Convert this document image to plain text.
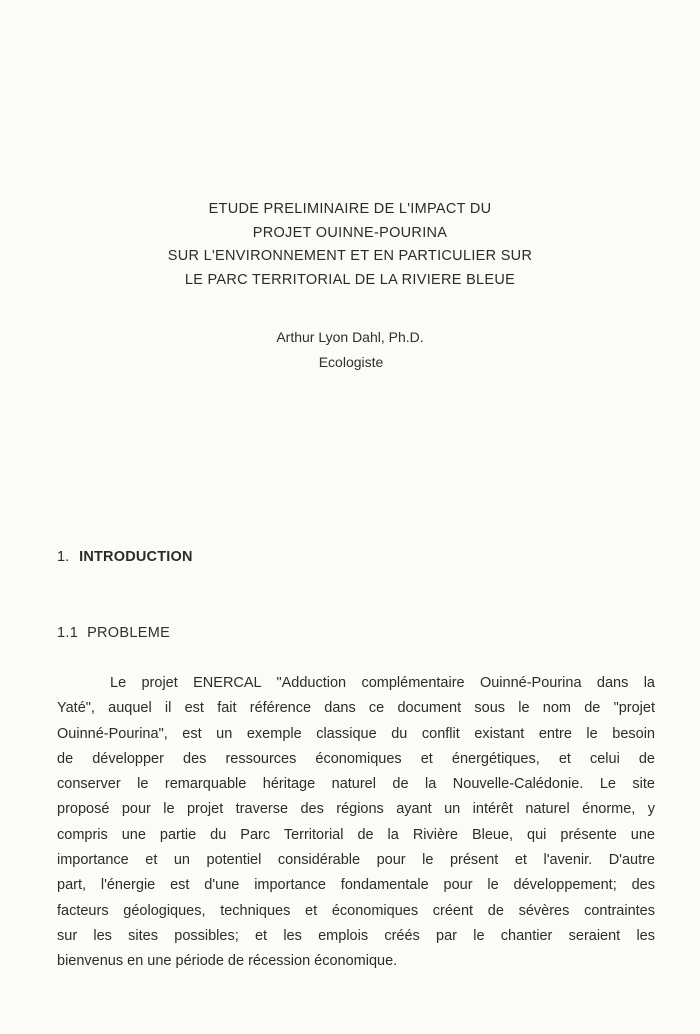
ETUDE PRELIMINAIRE DE L'IMPACT DU
PROJET OUINNE-POURINA
SUR L'ENVIRONNEMENT ET EN PARTICULIER SUR
LE PARC TERRITORIAL DE LA RIVIERE BLEUE
Arthur Lyon Dahl, Ph.D.
Ecologiste
1. INTRODUCTION
1.1 PROBLEME
Le projet ENERCAL "Adduction complémentaire Ouinné-Pourina dans la
Yaté", auquel il est fait référence dans ce document sous le nom de "projet
Ouinné-Pourina", est un exemple classique du conflit existant entre le besoin
de développer des ressources économiques et énergétiques, et celui de
conserver le remarquable héritage naturel de la Nouvelle-Calédonie. Le site
proposé pour le projet traverse des régions ayant un intérêt naturel énorme, y
compris une partie du Parc Territorial de la Rivière Bleue, qui présente une
importance et un potentiel considérable pour le présent et l'avenir. D'autre
part, l'énergie est d'une importance fondamentale pour le développement; des
facteurs géologiques, techniques et économiques créent de sévères contraintes
sur les sites possibles; et les emplois créés par le chantier seraient les
bienvenus en une période de récession économique.
